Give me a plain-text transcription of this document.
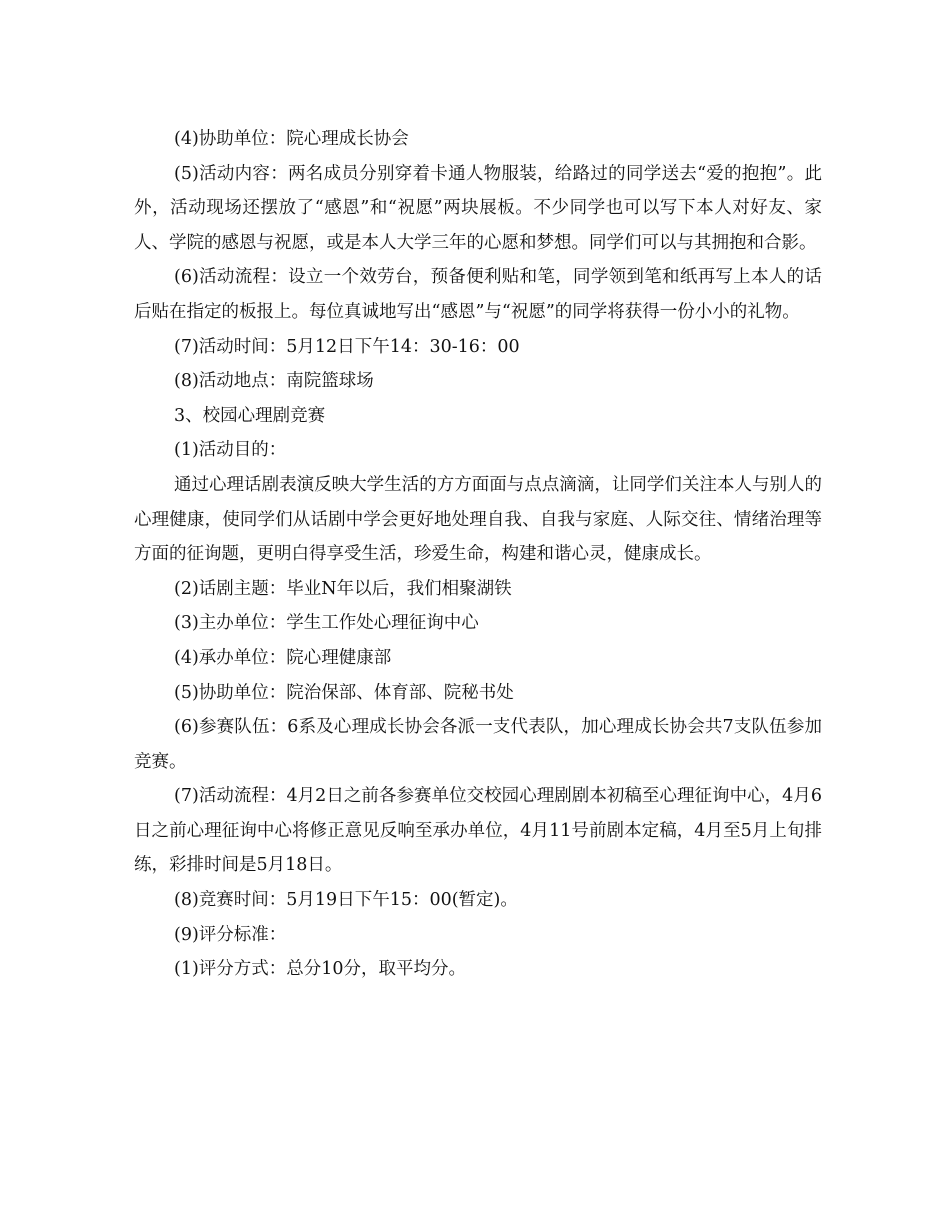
(4)协助单位：院心理成长协会

(5)活动内容：两名成员分别穿着卡通人物服装，给路过的同学送去“爱的抱抱”。此外，活动现场还摆放了“感恩”和“祝愿”两块展板。不少同学也可以写下本人对好友、家人、学院的感恩与祝愿，或是本人大学三年的心愿和梦想。同学们可以与其拥抱和合影。

(6)活动流程：设立一个效劳台，预备便利贴和笔，同学领到笔和纸再写上本人的话后贴在指定的板报上。每位真诚地写出“感恩”与“祝愿”的同学将获得一份小小的礼物。

(7)活动时间：5月12日下午14：30-16：00

(8)活动地点：南院篮球场

3、校园心理剧竞赛

(1)活动目的：

通过心理话剧表演反映大学生活的方方面面与点点滴滴，让同学们关注本人与别人的心理健康，使同学们从话剧中学会更好地处理自我、自我与家庭、人际交往、情绪治理等方面的征询题，更明白得享受生活，珍爱生命，构建和谐心灵，健康成长。

(2)话剧主题：毕业N年以后，我们相聚湖铁

(3)主办单位：学生工作处心理征询中心

(4)承办单位：院心理健康部

(5)协助单位：院治保部、体育部、院秘书处

(6)参赛队伍：6系及心理成长协会各派一支代表队，加心理成长协会共7支队伍参加竞赛。

(7)活动流程：4月2日之前各参赛单位交校园心理剧剧本初稿至心理征询中心，4月6日之前心理征询中心将修正意见反响至承办单位，4月11号前剧本定稿，4月至5月上旬排练，彩排时间是5月18日。

(8)竞赛时间：5月19日下午15：00(暂定)。

(9)评分标准：

(1)评分方式：总分10分，取平均分。
